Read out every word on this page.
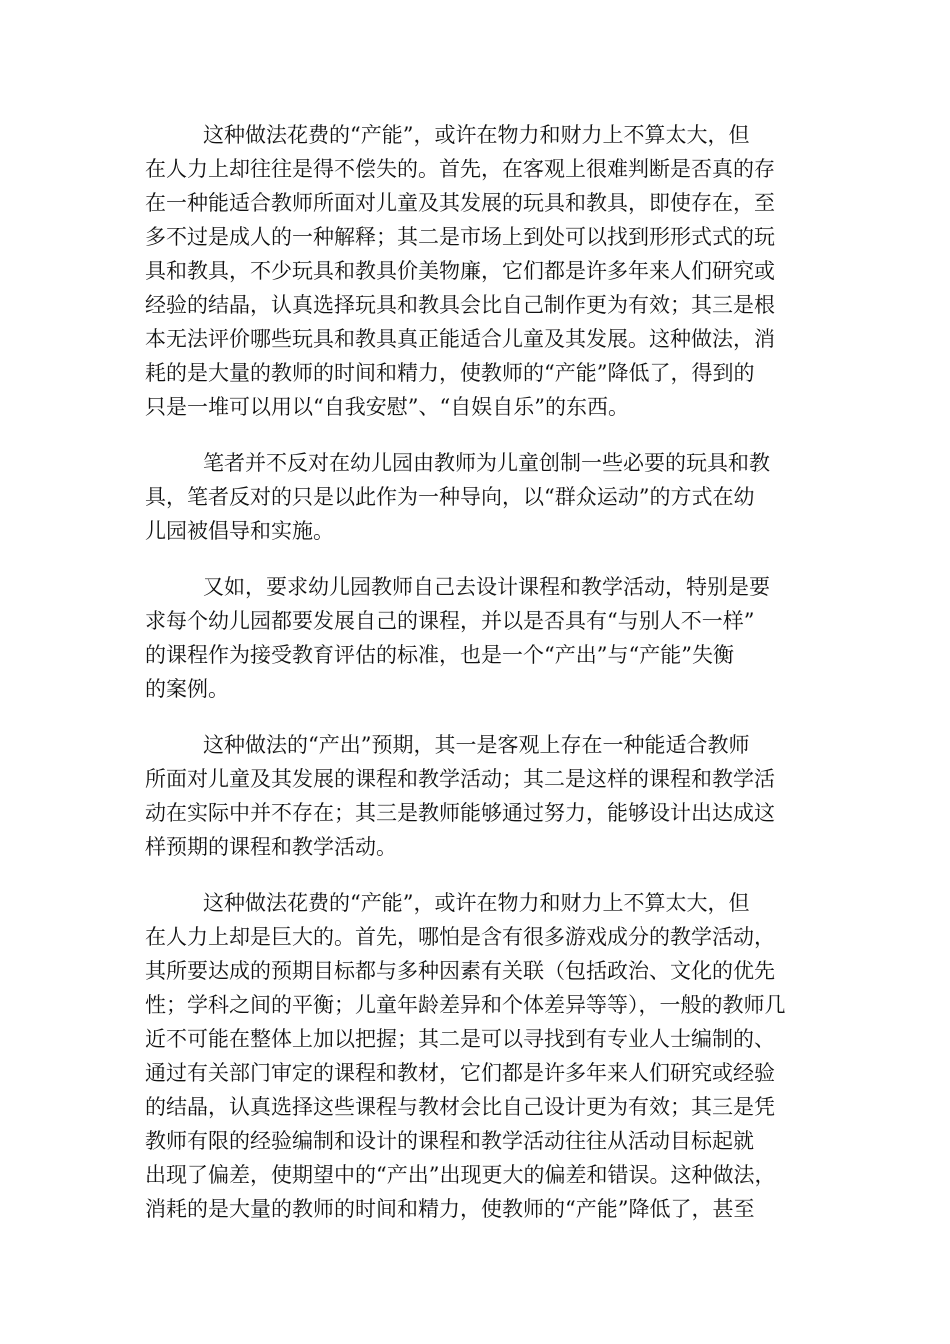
这种做法花费的“产能”，或许在物力和财力上不算太大，但
在人力上却往往是得不偿失的。首先，在客观上很难判断是否真的存
在一种能适合教师所面对儿童及其发展的玩具和教具，即使存在，至
多不过是成人的一种解释；其二是市场上到处可以找到形形式式的玩
具和教具，不少玩具和教具价美物廉，它们都是许多年来人们研究或
经验的结晶，认真选择玩具和教具会比自己制作更为有效；其三是根
本无法评价哪些玩具和教具真正能适合儿童及其发展。这种做法，消
耗的是大量的教师的时间和精力，使教师的“产能”降低了，得到的
只是一堆可以用以“自我安慰”、“自娱自乐”的东西。

笔者并不反对在幼儿园由教师为儿童创制一些必要的玩具和教
具，笔者反对的只是以此作为一种导向，以“群众运动”的方式在幼
儿园被倡导和实施。

又如，要求幼儿园教师自己去设计课程和教学活动，特别是要
求每个幼儿园都要发展自己的课程，并以是否具有“与别人不一样”
的课程作为接受教育评估的标准，也是一个“产出”与“产能”失衡
的案例。

这种做法的“产出”预期，其一是客观上存在一种能适合教师
所面对儿童及其发展的课程和教学活动；其二是这样的课程和教学活
动在实际中并不存在；其三是教师能够通过努力，能够设计出达成这
样预期的课程和教学活动。

这种做法花费的“产能”，或许在物力和财力上不算太大，但
在人力上却是巨大的。首先，哪怕是含有很多游戏成分的教学活动，
其所要达成的预期目标都与多种因素有关联（包括政治、文化的优先
性；学科之间的平衡；儿童年龄差异和个体差异等等），一般的教师几
近不可能在整体上加以把握；其二是可以寻找到有专业人士编制的、
通过有关部门审定的课程和教材，它们都是许多年来人们研究或经验
的结晶，认真选择这些课程与教材会比自己设计更为有效；其三是凭
教师有限的经验编制和设计的课程和教学活动往往从活动目标起就
出现了偏差，使期望中的“产出”出现更大的偏差和错误。这种做法，
消耗的是大量的教师的时间和精力，使教师的“产能”降低了，甚至
